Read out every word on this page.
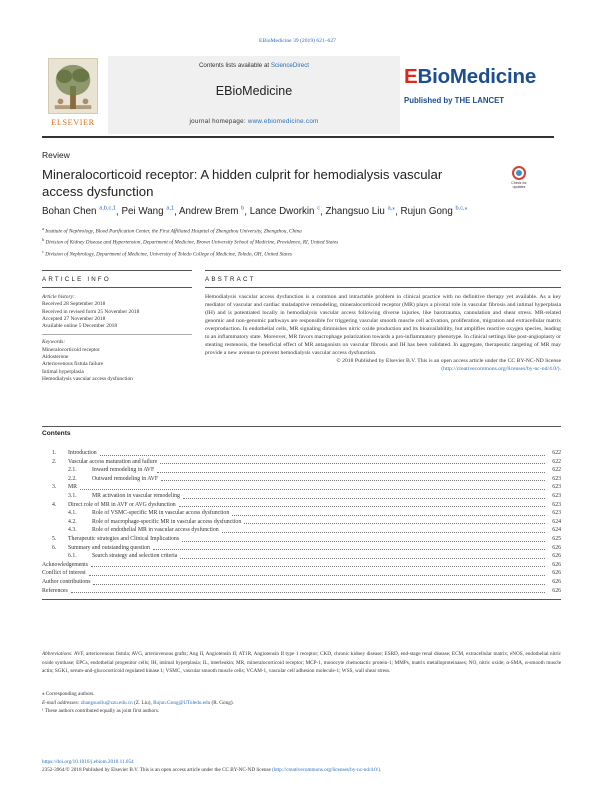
EBioMedicine 39 (2019) 621–627
ELSEVIER
Contents lists available at ScienceDirect
EBioMedicine
journal homepage: www.ebiomedicine.com
EBioMedicine
Published by THE LANCET
Review
Mineralocorticoid receptor: A hidden culprit for hemodialysis vascular access dysfunction
Check for updates
Bohan Chen $^{a,b,c,1}$, Pei Wang $^{a,1}$, Andrew Brem $^b$, Lance Dworkin $^c$, Zhangsuo Liu $^{a,⁎}$, Rujun Gong $^{b,c,⁎}$
$^a$ Institute of Nephrology, Blood Purification Center, the First Affiliated Hospital of Zhengzhou University, Zhengzhou, China
$^b$ Division of Kidney Disease and Hypertension, Department of Medicine, Brown University School of Medicine, Providence, RI, United States
$^c$ Division of Nephrology, Department of Medicine, University of Toledo College of Medicine, Toledo, OH, United States
ARTICLE INFO	ABSTRACT
Article history:
Received 28 September 2018
Received in revised form 25 November 2018
Accepted 27 November 2018
Available online 5 December 2018
Keywords:
Mineralocorticoid receptor
Aldosterone
Arteriovenous fistula failure
Intimal hyperplasia
Hemodialysis vascular access dysfunction

Hemodialysis vascular access dysfunction is a common and intractable problem in clinical practice with no definitive therapy yet available. As a key mediator of vascular and cardiac maladaptive remodeling, mineralocorticoid receptor (MR) plays a pivotal role in vascular fibrosis and intimal hyperplasia (IH) and is potentiated locally in hemodialysis vascular access following diverse injuries, like barotrauma, cannulation and shear stress. MR-related genomic and non-genomic pathways are responsible for triggering vascular smooth muscle cell activation, proliferation, migration and extracellular matrix overproduction. In endothelial cells, MR signaling diminishes nitric oxide production and its bioavailability, but amplifies reactive oxygen species, leading to an inflammatory state. Moreover, MR favors macrophage polarization towards a pro-inflammatory phenotype. In clinical settings like post-angioplasty or stenting restenosis, the beneficial effect of MR antagonists on vascular fibrosis and IH has been validated. In aggregate, therapeutic targeting of MR may provide a new avenue to prevent hemodialysis vascular access dysfunction.

© 2018 Published by Elsevier B.V. This is an open access article under the CC BY-NC-ND license
(http://creativecommons.org/licenses/by-nc-nd/4.0/).

Contents
1. Introduction	622
2. Vascular access maturation and failure	622
2.1.	Inward remodeling in AVF	622
2.2.	Outward remodeling in AVF	623
3. MR	623
3.1.	MR activation in vascular remodeling	623
4. Direct role of MR in AVF or AVG dysfunction	623
4.1.	Role of VSMC-specific MR in vascular access dysfunction	623
4.2.	Role of macrophage-specific MR in vascular access dysfunction	624
4.3.	Role of endothelial MR in vascular access dysfunction	624
5. Therapeutic strategies and Clinical Implications	625
6. Summary and outstanding question	626
6.1.	Search strategy and selection criteria	626
Acknowledgements	626
Conflict of interest	626
Author contributions	626
References	626
Abbreviations: AVF, arteriovenous fistula; AVG, arteriovenous grafts; Ang II, Angiotensin II; AT1R, Angiotensin II type 1 receptor; CKD, chronic kidney disease; ESRD, end-stage renal disease; ECM, extracellular matrix; eNOS, endothelial nitric oxide synthase; EPCs, endothelial progenitor cells; IH, intimal hyperplasia; IL, interleukin; MR, mineralocorticoid receptor; MCP-1, monocyte chemotactic protein-1; MMPs, matrix metalloproteinases; NO, nitric oxide; α-SMA, α-smooth muscle actin; SGK1, serum-and-glucocorticoid regulated kinase 1; VSMC, vascular smooth muscle cells; VCAM-1, vascular cell adhesion molecule-1; WSS, wall shear stress.
⁎ Corresponding authors.
E-mail addresses: zhangsuoliu@zzu.edu.cn (Z. Liu), Rujun.Gong@UToledo.edu (R. Gong).
¹ These authors contributed equally as joint first authors.
https://doi.org/10.1016/j.ebiom.2018.11.054
2352-3964/© 2018 Published by Elsevier B.V. This is an open access article under the CC BY-NC-ND license (http://creativecommons.org/licenses/by-nc-nd/4.0/).
